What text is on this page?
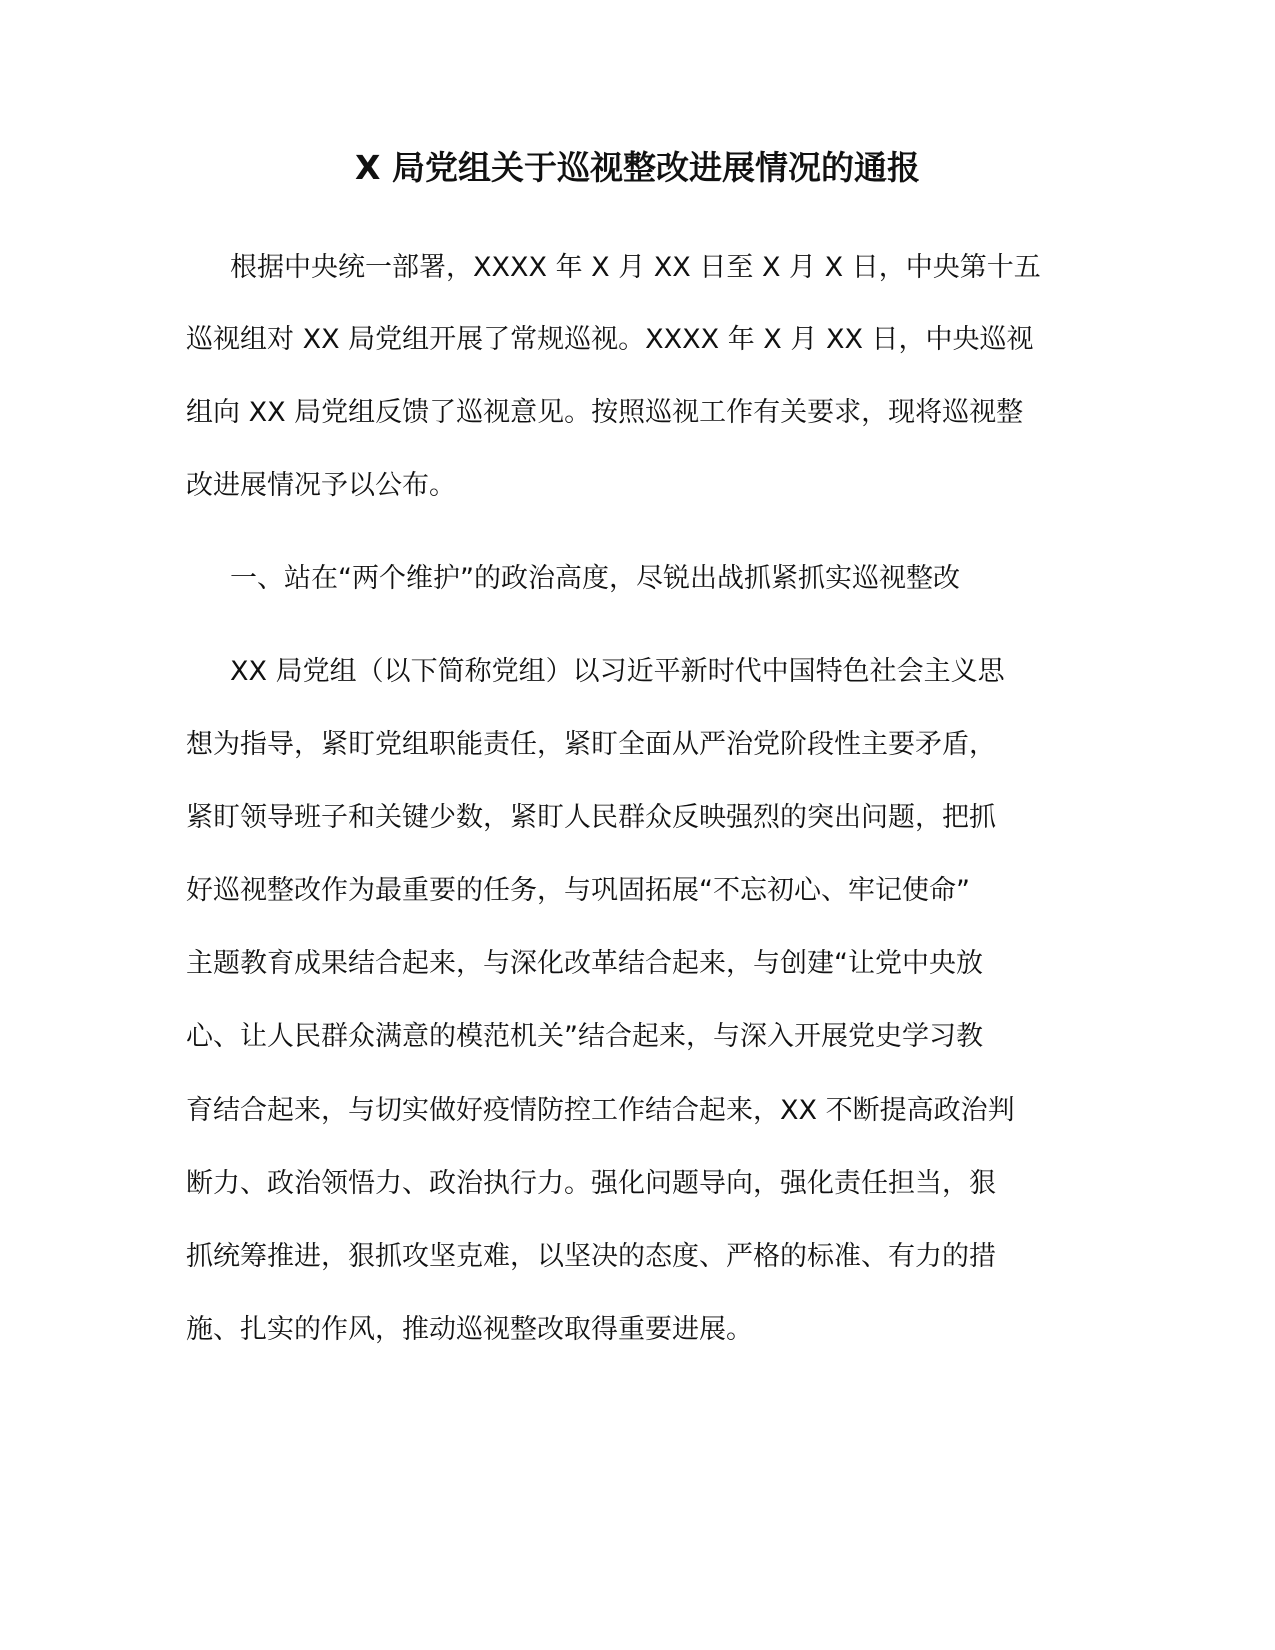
X 局党组关于巡视整改进展情况的通报
根据中央统一部署，XXXX 年 X 月 XX 日至 X 月 X 日，中央第十五
巡视组对 XX 局党组开展了常规巡视。XXXX 年 X 月 XX 日，中央巡视
组向 XX 局党组反馈了巡视意见。按照巡视工作有关要求，现将巡视整
改进展情况予以公布。
一、站在“两个维护”的政治高度，尽锐出战抓紧抓实巡视整改
XX 局党组（以下简称党组）以习近平新时代中国特色社会主义思
想为指导，紧盯党组职能责任，紧盯全面从严治党阶段性主要矛盾，
紧盯领导班子和关键少数，紧盯人民群众反映强烈的突出问题，把抓
好巡视整改作为最重要的任务，与巩固拓展“不忘初心、牢记使命”
主题教育成果结合起来，与深化改革结合起来，与创建“让党中央放
心、让人民群众满意的模范机关”结合起来，与深入开展党史学习教
育结合起来，与切实做好疫情防控工作结合起来，XX 不断提高政治判
断力、政治领悟力、政治执行力。强化问题导向，强化责任担当，狠
抓统筹推进，狠抓攻坚克难，以坚决的态度、严格的标准、有力的措
施、扎实的作风，推动巡视整改取得重要进展。
